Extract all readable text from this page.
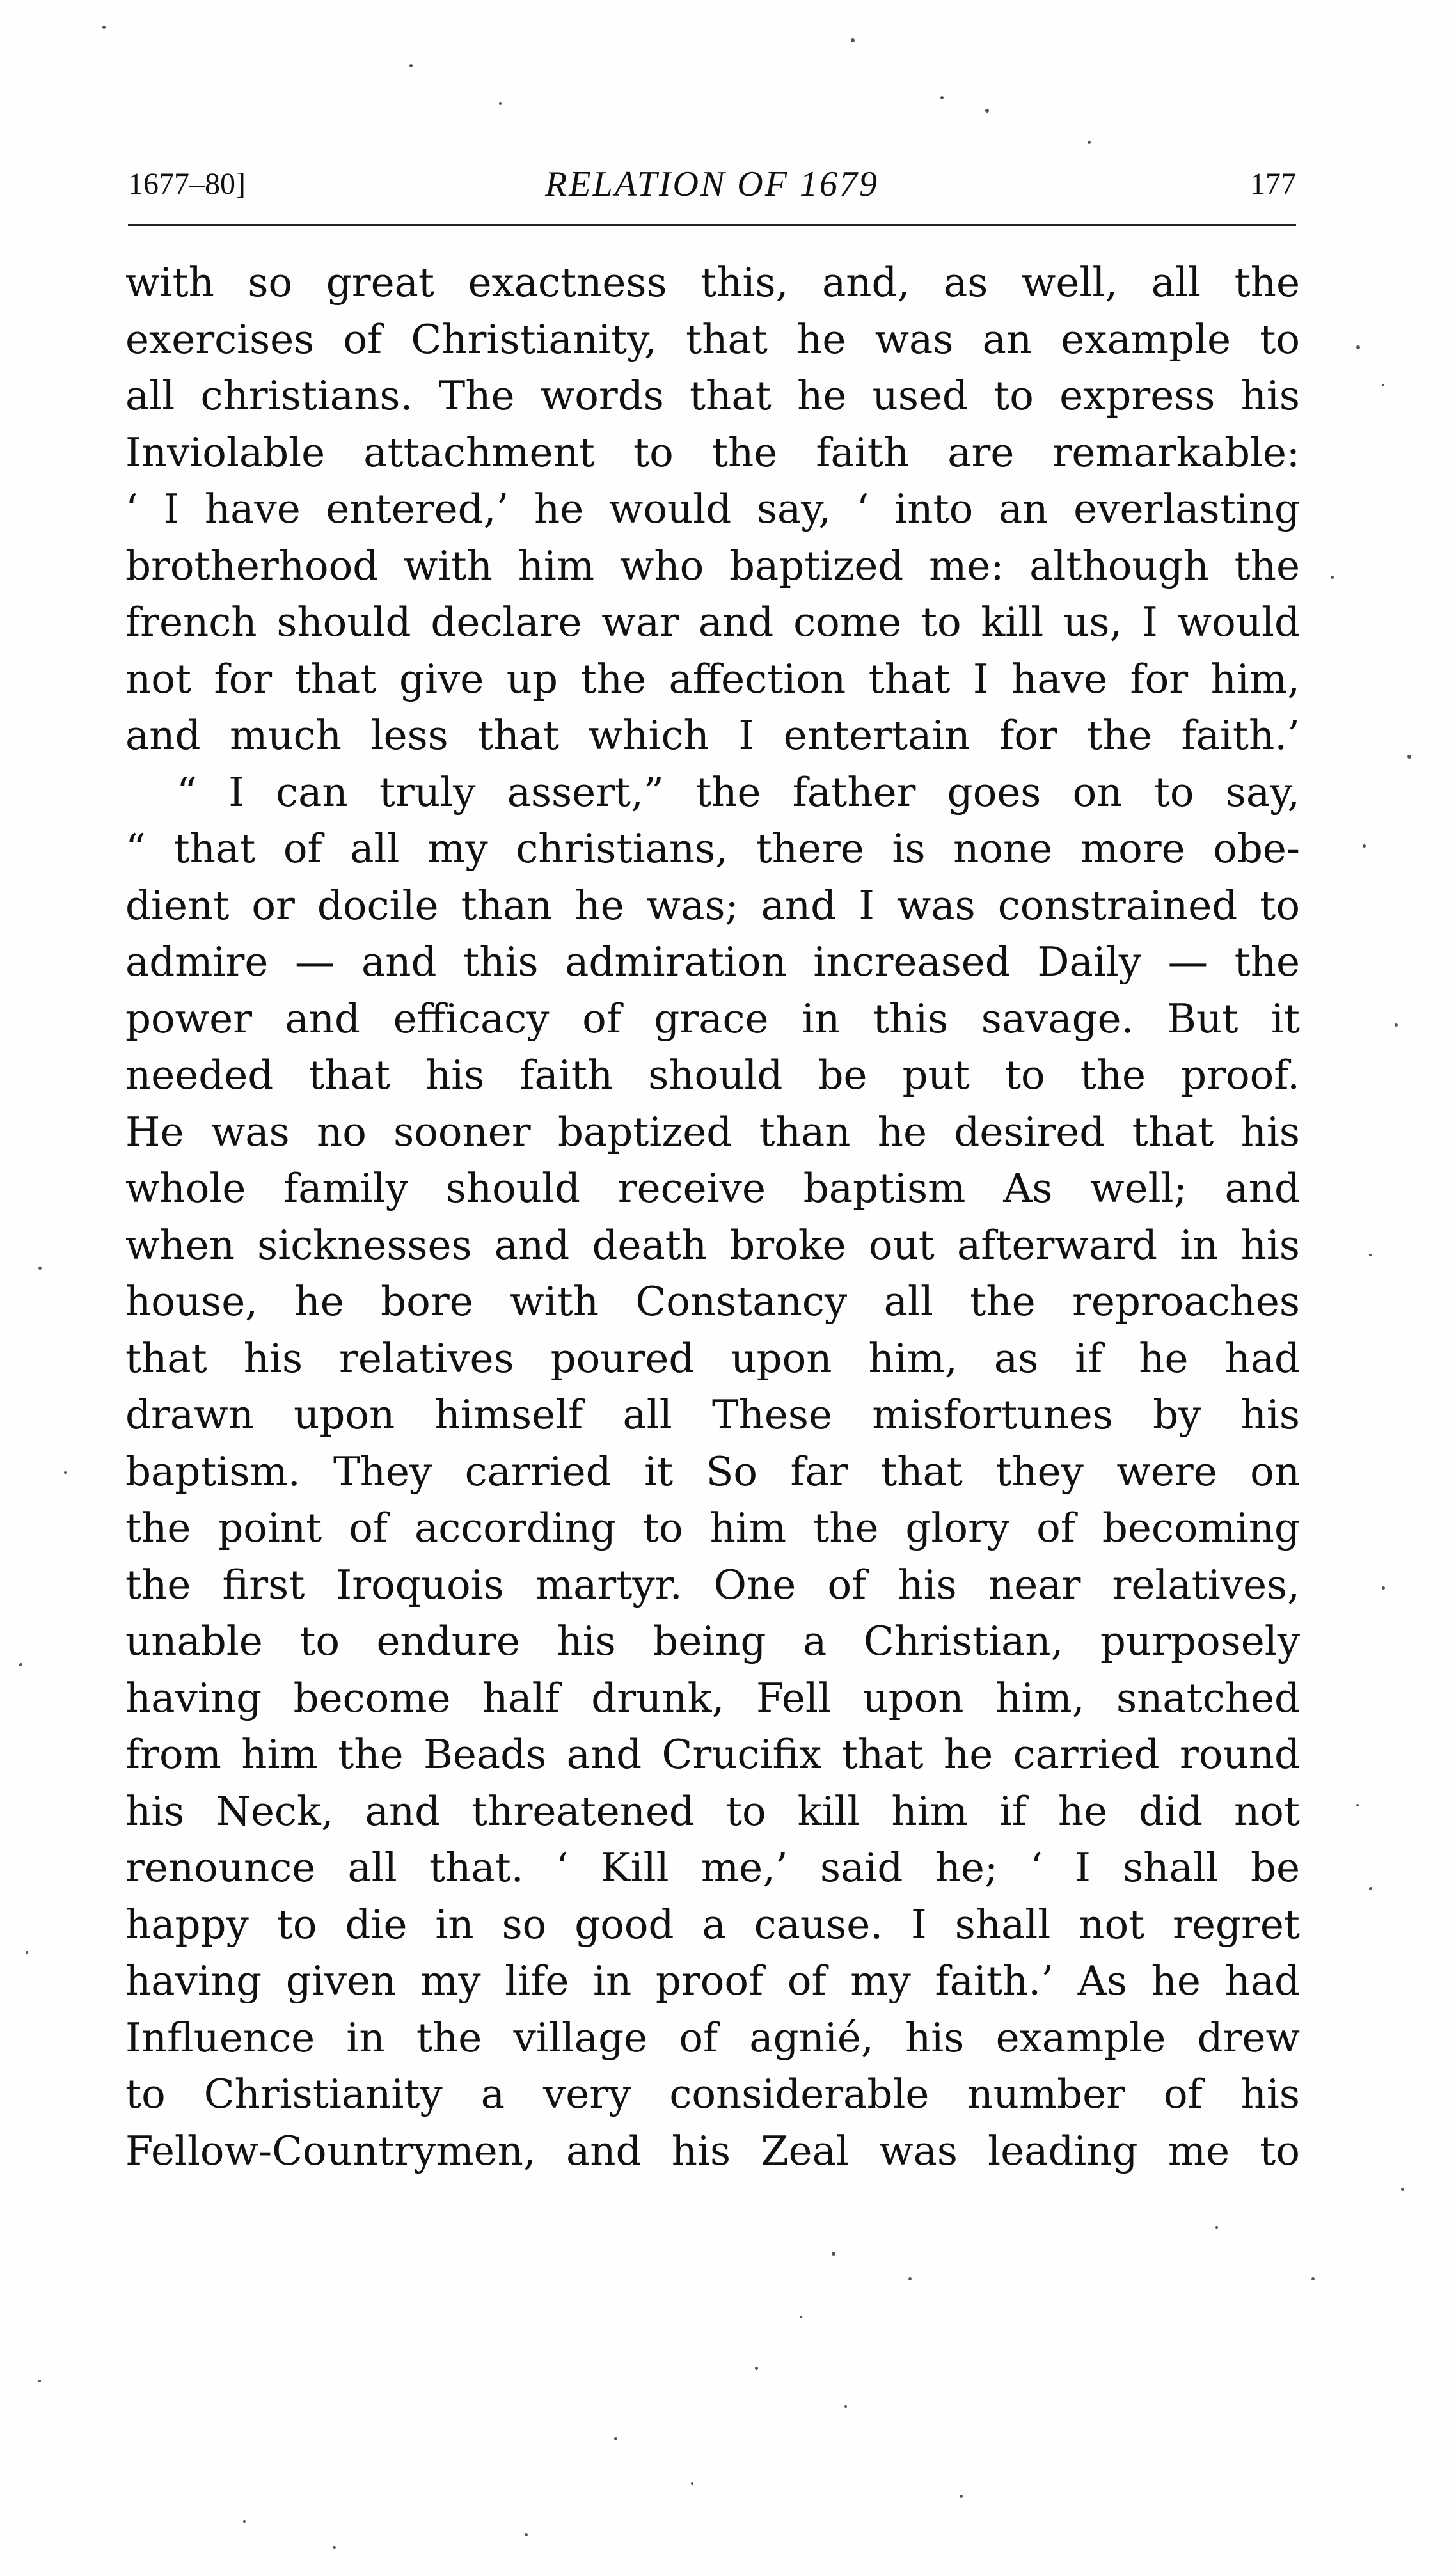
1677–80]	RELATION OF 1679	177
with so great exactness this, and, as well, all the
exercises of Christianity, that he was an example to
all christians. The words that he used to express his
Inviolable attachment to the faith are remarkable:
‘ I have entered,’ he would say, ‘ into an everlasting
brotherhood with him who baptized me: although the
french should declare war and come to kill us, I would
not for that give up the affection that I have for him,
and much less that which I entertain for the faith.’
“ I can truly assert,” the father goes on to say,
“ that of all my christians, there is none more obe-
dient or docile than he was; and I was constrained to
admire — and this admiration increased Daily — the
power and efficacy of grace in this savage. But it
needed that his faith should be put to the proof.
He was no sooner baptized than he desired that his
whole family should receive baptism As well; and
when sicknesses and death broke out afterward in his
house, he bore with Constancy all the reproaches
that his relatives poured upon him, as if he had
drawn upon himself all These misfortunes by his
baptism. They carried it So far that they were on
the point of according to him the glory of becoming
the first Iroquois martyr. One of his near relatives,
unable to endure his being a Christian, purposely
having become half drunk, Fell upon him, snatched
from him the Beads and Crucifix that he carried round
his Neck, and threatened to kill him if he did not
renounce all that. ‘ Kill me,’ said he; ‘ I shall be
happy to die in so good a cause. I shall not regret
having given my life in proof of my faith.’ As he had
Influence in the village of agnié, his example drew
to Christianity a very considerable number of his
Fellow-Countrymen, and his Zeal was leading me to
